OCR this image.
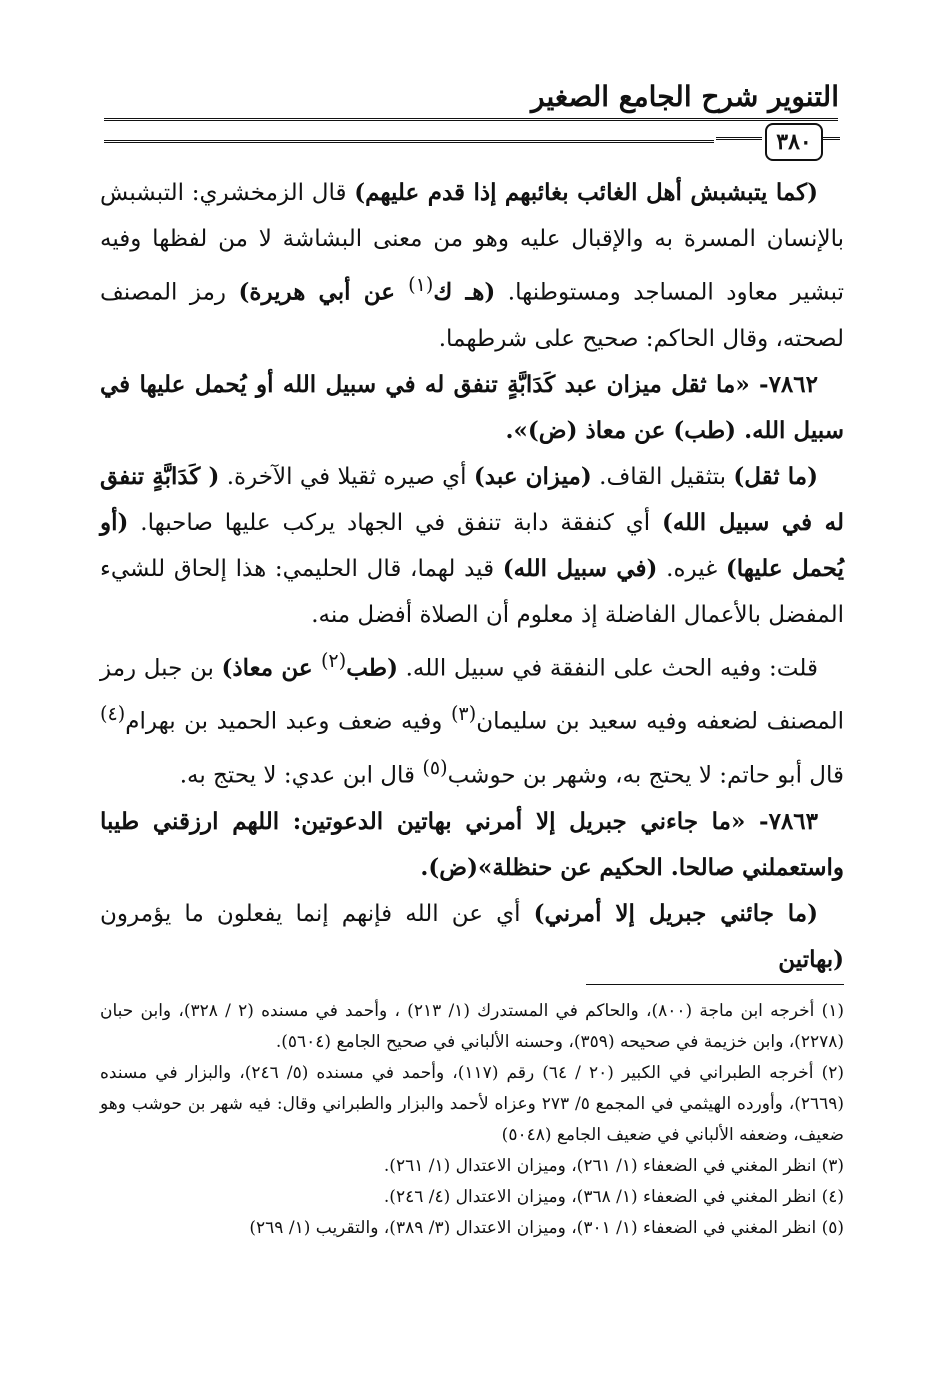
التنوير شرح الجامع الصغير
٣٨٠

(كما يتبشبش أهل الغائب بغائبهم إذا قدم عليهم) قال الزمخشري: التبشبش بالإنسان المسرة به والإقبال عليه وهو من معنى البشاشة لا من لفظها وفيه تبشير معاود المساجد ومستوطنها. (هـ ك$^{(١)}$ عن أبي هريرة) رمز المصنف لصحته، وقال الحاكم: صحيح على شرطهما.

٧٨٦٢- «ما ثقل ميزان عبد كَدَابَّةٍ تنفق له في سبيل الله أو يُحمل عليها في سبيل الله. (طب) عن معاذ (ض)».

(ما ثقل) بتثقيل القاف. (ميزان عبد) أي صيره ثقيلا في الآخرة. ( كَدَابَّةٍ تنفق له في سبيل الله) أي كنفقة دابة تنفق في الجهاد يركب عليها صاحبها. (أو يُحمل عليها) غيره. (في سبيل الله) قيد لهما، قال الحليمي: هذا إلحاق للشيء المفضل بالأعمال الفاضلة إذ معلوم أن الصلاة أفضل منه.

قلت: وفيه الحث على النفقة في سبيل الله. (طب$^{(٢)}$ عن معاذ) بن جبل رمز المصنف لضعفه وفيه سعيد بن سليمان$^{(٣)}$ وفيه ضعف وعبد الحميد بن بهرام$^{(٤)}$ قال أبو حاتم: لا يحتج به، وشهر بن حوشب$^{(٥)}$ قال ابن عدي: لا يحتج به.

٧٨٦٣- «ما جاءني جبريل إلا أمرني بهاتين الدعوتين: اللهم ارزقني طيبا واستعملني صالحا. الحكيم عن حنظلة»(ض).

(ما جائني جبريل إلا أمرني) أي عن الله فإنهم إنما يفعلون ما يؤمرون (بهاتين

(١) أخرجه ابن ماجة (٨٠٠)، والحاكم في المستدرك (١/ ٢١٣) ، وأحمد في مسنده (٢ / ٣٢٨)، وابن حبان (٢٢٧٨)، وابن خزيمة في صحيحه (٣٥٩)، وحسنه الألباني في صحيح الجامع (٥٦٠٤).

(٢) أخرجه الطبراني في الكبير (٢٠ / ٦٤) رقم (١١٧)، وأحمد في مسنده (٥/ ٢٤٦)، والبزار في مسنده (٢٦٦٩)، وأورده الهيثمي في المجمع ٥/ ٢٧٣ وعزاه لأحمد والبزار والطبراني وقال: فيه شهر بن حوشب وهو ضعيف، وضعفه الألباني في ضعيف الجامع (٥٠٤٨)

(٣) انظر المغني في الضعفاء (١/ ٢٦١)، وميزان الاعتدال (١/ ٢٦١).

(٤) انظر المغني في الضعفاء (١/ ٣٦٨)، وميزان الاعتدال (٤/ ٢٤٦).

(٥) انظر المغني في الضعفاء (١/ ٣٠١)، وميزان الاعتدال (٣/ ٣٨٩)، والتقريب (١/ ٢٦٩)
